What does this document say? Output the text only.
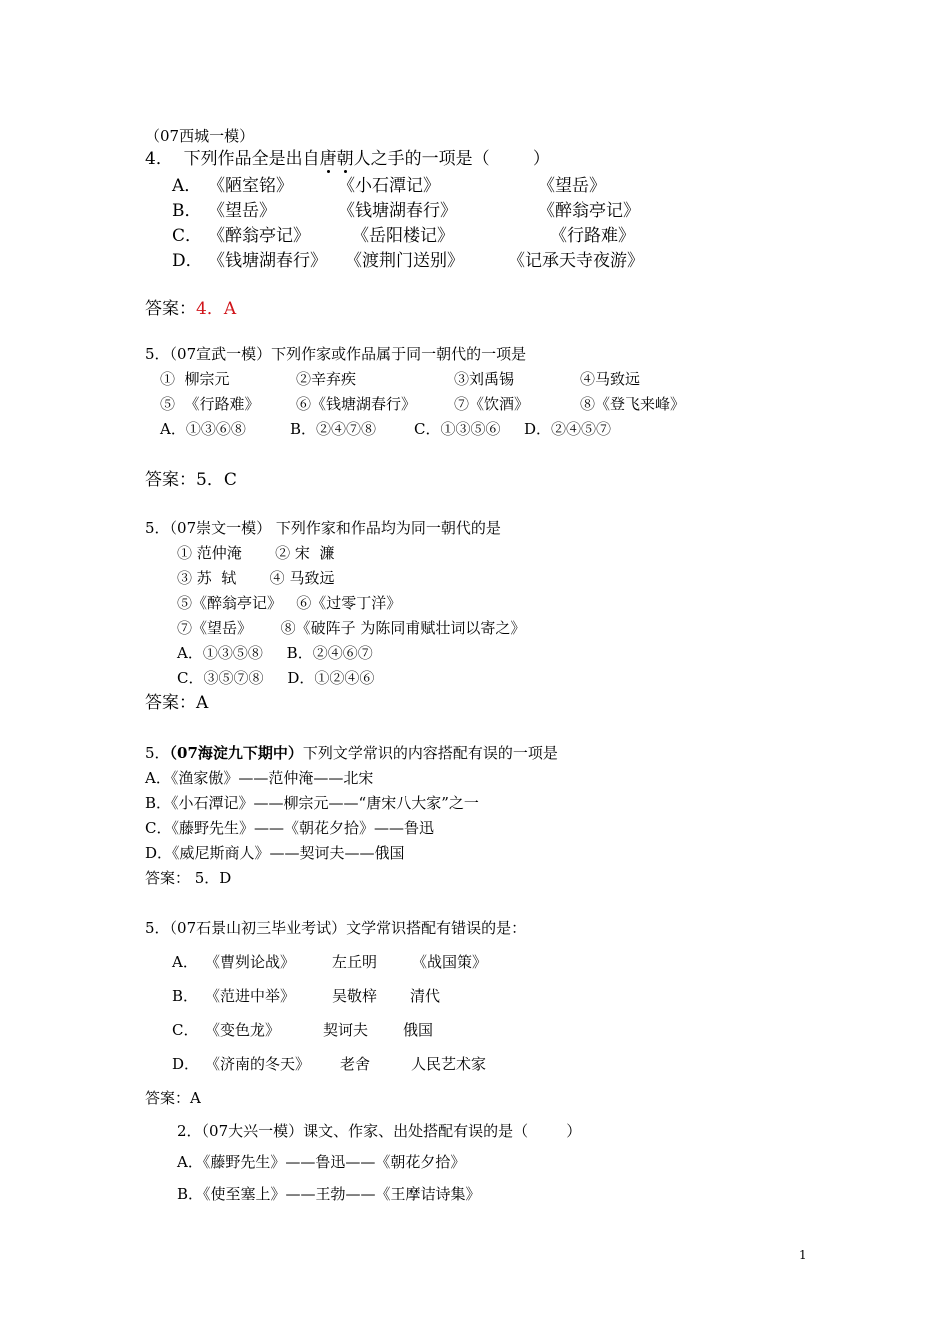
（07西城一模）
4．  下列作品全是出自唐朝人之手的一项是（        ）
A． 《陋室铭》	《小石潭记》	《望岳》
B． 《望岳》	《钱塘湖春行》	《醉翁亭记》
C． 《醉翁亭记》 《岳阳楼记》	《行路难》
D． 《钱塘湖春行》 《渡荆门送别》	《记承天寺夜游》
答案：4．A
5．（07宣武一模）下列作家或作品属于同一朝代的一项是
①  柳宗元	②辛弃疾	③刘禹锡	④马致远
⑤  《行路难》 ⑥《钱塘湖春行》	⑦《饮酒》	⑧《登飞来峰》
A．①③⑥⑧	B．②④⑦⑧	C．①③⑤⑥ D．②④⑤⑦
答案：5．C
5．（07崇文一模） 下列作家和作品均为同一朝代的是
① 范仲淹       ② 宋  濂
③ 苏  轼       ④ 马致远
⑤《醉翁亭记》   ⑥《过零丁洋》
⑦《望岳》      ⑧《破阵子 为陈同甫赋壮词以寄之》
A．①③⑤⑧     B．②④⑥⑦
C．③⑤⑦⑧     D．①②④⑥
答案：A
5．（07海淀九下期中）下列文学常识的内容搭配有误的一项是
A．《渔家傲》——范仲淹——北宋
B．《小石潭记》——柳宗元——“唐宋八大家”之一
C．《藤野先生》——《朝花夕拾》——鲁迅
D．《威尼斯商人》——契诃夫——俄国
答案： 5．D
5．（07石景山初三毕业考试）文学常识搭配有错误的是：
A． 《曹刿论战》 左丘明 《战国策》
B． 《范进中举》 吴敬梓 清代
C． 《变色龙》	契诃夫 俄国
D． 《济南的冬天》 老舍	人民艺术家
答案：A
2．（07大兴一模）课文、作家、出处搭配有误的是（        ）
A．《藤野先生》——鲁迅——《朝花夕拾》
B．《使至塞上》——王勃——《王摩诘诗集》
1
